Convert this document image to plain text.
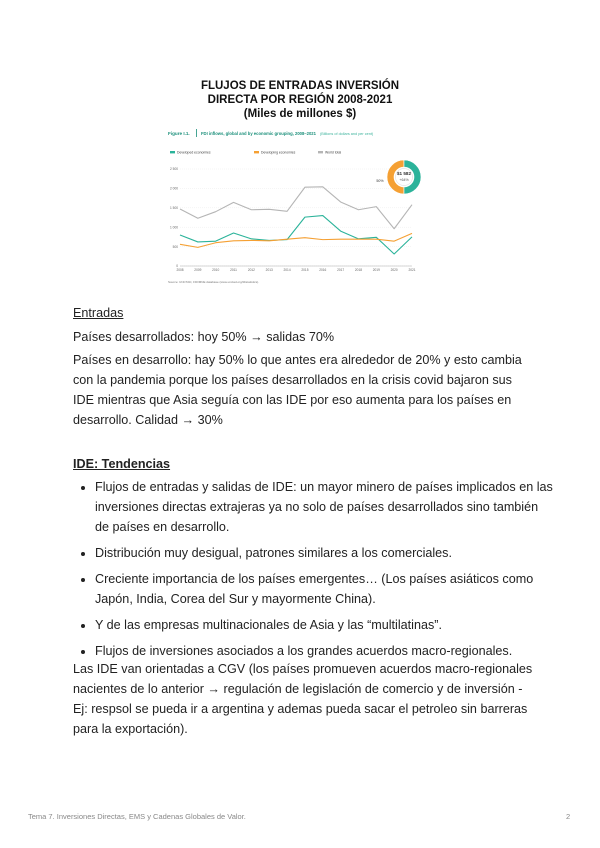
FLUJOS DE ENTRADAS INVERSIÓN
DIRECTA POR REGIÓN 2008-2021
(Miles de millones $)
Figure I.1.	FDI inflows, global and by economic grouping, 2008–2021 (Billions of dollars and per cent)
Developed economies	Developing economies	World total
0
500
1 000
1 500
2 000
2 500
2008	2009	2010	2011	2012	2013	2014	2015	2016	2017	2018	2019	2020	2021
$1 582
+64%
50%
50%
Source: UNCTAD, FDI/MNE database (www.unctad.org/fdistatistics).
Entradas
Países desarrollados: hoy 50% → salidas 70%
Países en desarrollo: hay 50% lo que antes era alrededor de 20% y esto cambia con la pandemia porque los países desarrollados en la crisis covid bajaron sus IDE mientras que Asia seguía con las IDE por eso aumenta para los países en desarrollo. Calidad → 30%
IDE: Tendencias
• Flujos de entradas y salidas de IDE: un mayor minero de países implicados en las inversiones directas extrajeras ya no solo de países desarrollados sino también de países en desarrollo.
• Distribución muy desigual, patrones similares a los comerciales.
• Creciente importancia de los países emergentes… (Los países asiáticos como Japón, India, Corea del Sur y mayormente China).
• Y de las empresas multinacionales de Asia y las “multilatinas”.
• Flujos de inversiones asociados a los grandes acuerdos macro-regionales.
Las IDE van orientadas a CGV (los países promueven acuerdos macro-regionales nacientes de lo anterior → regulación de legislación de comercio y de inversión -Ej: respsol se pueda ir a argentina y ademas pueda sacar el petroleo sin barreras para la exportación).
Tema 7. Inversiones Directas, EMS y Cadenas Globales de Valor.	2
